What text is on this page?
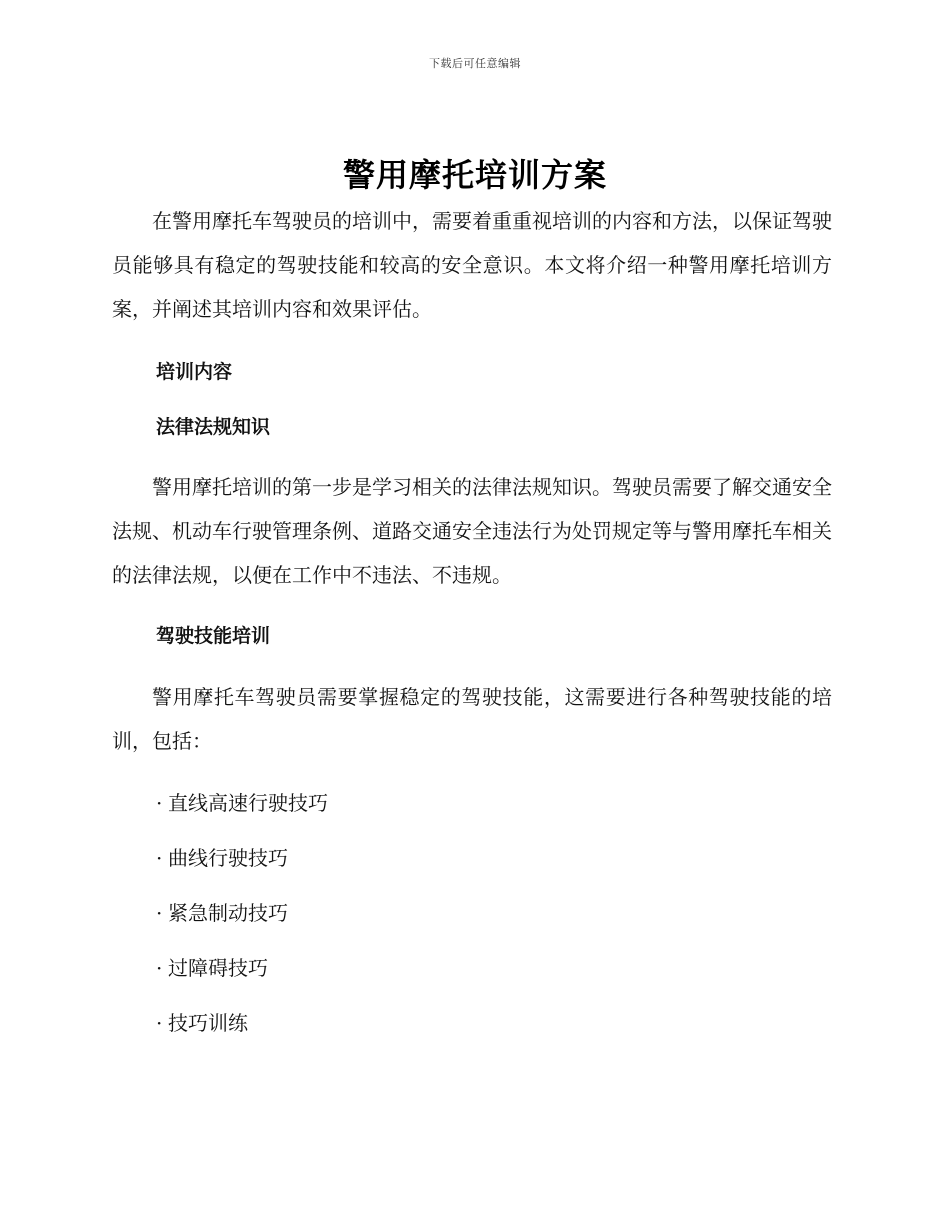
下载后可任意编辑
警用摩托培训方案

在警用摩托车驾驶员的培训中，需要着重重视培训的内容和方法，以保证驾驶员能够具有稳定的驾驶技能和较高的安全意识。本文将介绍一种警用摩托培训方案，并阐述其培训内容和效果评估。

培训内容
法律法规知识

警用摩托培训的第一步是学习相关的法律法规知识。驾驶员需要了解交通安全法规、机动车行驶管理条例、道路交通安全违法行为处罚规定等与警用摩托车相关的法律法规，以便在工作中不违法、不违规。

驾驶技能培训

警用摩托车驾驶员需要掌握稳定的驾驶技能，这需要进行各种驾驶技能的培训，包括：

· 直线高速行驶技巧
· 曲线行驶技巧
· 紧急制动技巧
· 过障碍技巧
· 技巧训练
